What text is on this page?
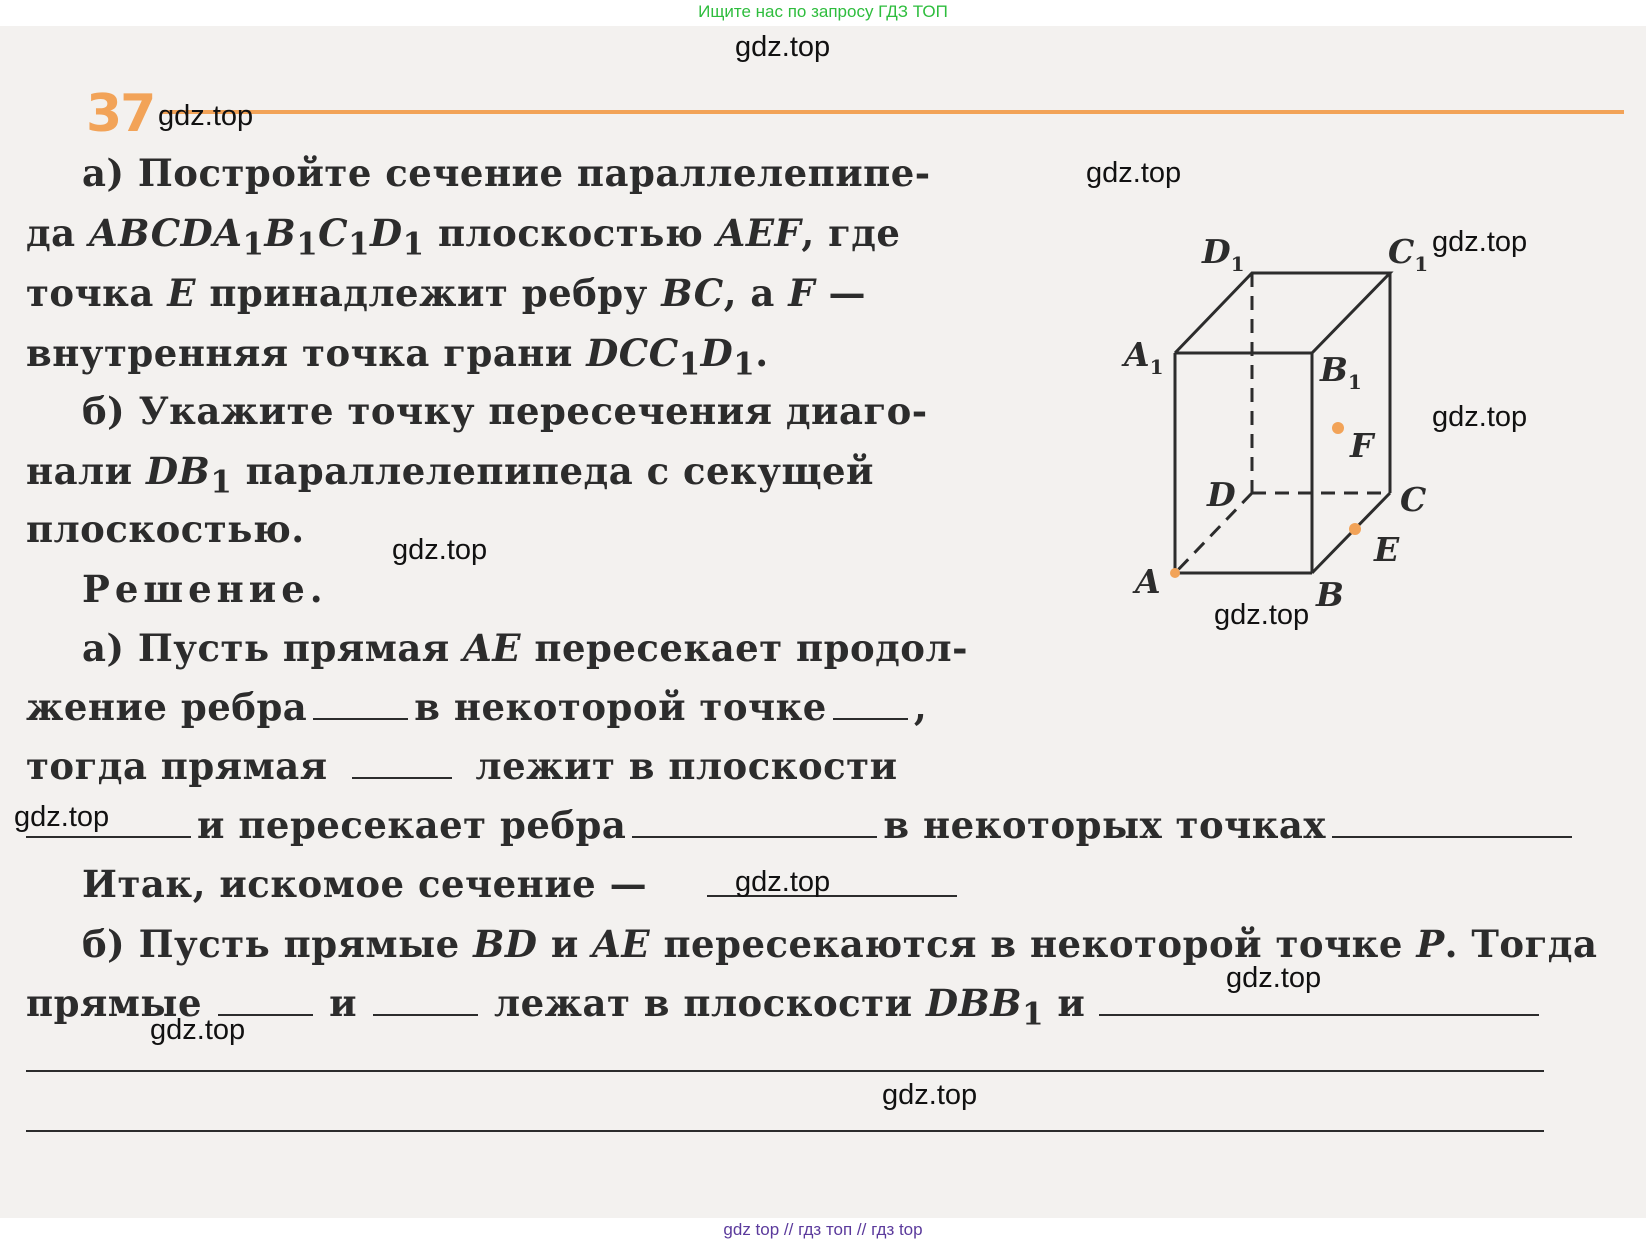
Ищите нас по запросу ГДЗ ТОП
37
а) Постройте сечение параллелепипе-
да $ABCDA_1B_1C_1D_1$ плоскостью AEF, где
точка E принадлежит ребру BC, а F —
внутренняя точка грани $DCC_1D_1$.
б) Укажите точку пересечения диаго-
нали $DB_1$ параллелепипеда с секущей
плоскостью.
Решение.
а) Пусть прямая AE пересекает продол-
жение ребра	в некоторой точке ,
тогда прямая	лежит в плоскости
и пересекает ребра	в некоторых точках
Итак, искомое сечение —
б) Пусть прямые BD и AE пересекаются в некоторой точке P. Тогда
прямые	и	лежат в плоскости $DBB_1$ и
$D_1$	$C_1$
$A_1$	$B_1$
F
D	C
E
A	B
gdz.top
gdz.top
gdz.top
gdz.top
gdz.top
gdz.top
gdz.top
gdz.top
gdz.top
gdz.top
gdz.top
gdz.top
gdz top // гдз топ // гдз top
